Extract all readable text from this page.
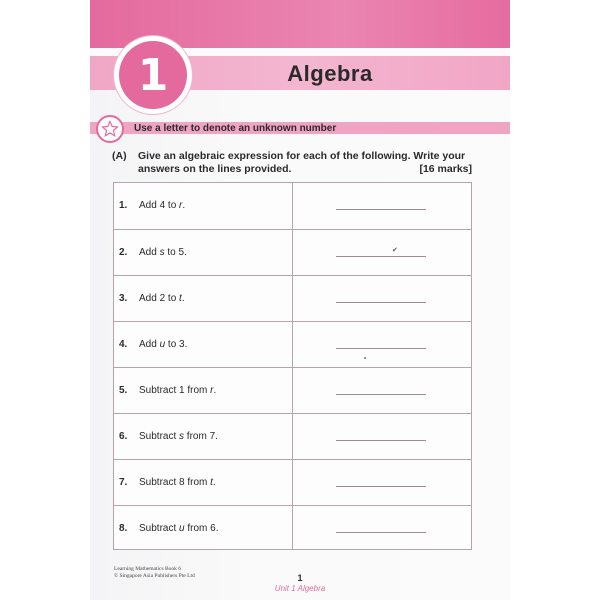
1	Algebra
Use a letter to denote an unknown number
(A) Give an algebraic expression for each of the following. Write your answers on the lines provided.	[16 marks]
1. Add 4 to r.
2. Add s to 5.	✔
3. Add 2 to t.
4. Add u to 3.
5. Subtract 1 from r.
6. Subtract s from 7.
7. Subtract 8 from t.
8. Subtract u from 6.
Learning Mathematics Book 6
© Singapore Asia Publishers Pte Ltd	1
Unit 1 Algebra
